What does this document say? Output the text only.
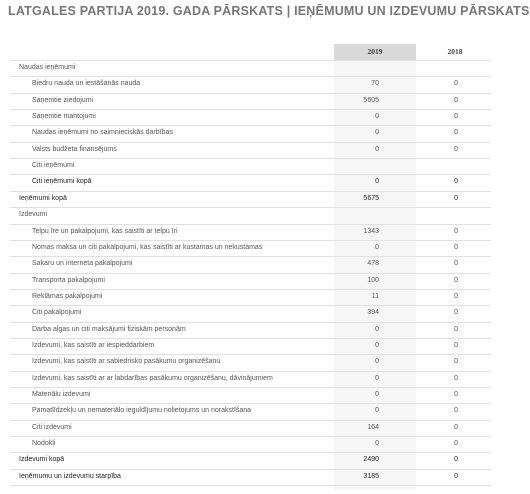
LATGALES PARTIJA 2019. GADA PĀRSKATS | IEŅĒMUMU UN IZDEVUMU PĀRSKATS
2019	2018
Naudas ieņēmumi
Biedru nauda un iestāšanās nauda	70	0
Saņemtie ziedojumi	5605	0
Saņemtie mantojumi	0	0
Naudas ieņēmumi no saimnieciskās darbības	0	0
Valsts budžeta finansējums	0	0
Citi ieņēmumi
Citi ieņēmumi kopā	0	0
Ieņēmumi kopā	5675	0
Izdevumi
Telpu īre un pakalpojumi, kas saistīti ar telpu īri	1343	0
Nomas maksa un citi pakalpojumi, kas saistīti ar kustamas un nekustamas	0	0
Sakaru un interneta pakalpojumi	478	0
Transporta pakalpojumi	100	0
Reklāmas pakalpojumi	11	0
Citi pakalpojumi	394	0
Darba algas un citi maksājumi fiziskām personām	0	0
Izdevumi, kas saistīti ar iespieddarbiem	0	0
Izdevumi, kas saistīti ar sabiedrisko pasākumu organizēšanu	0	0
Izdevumi, kas saistīti ar ar labdarības pasākumu organizēšanu, dāvinājumiem	0	0
Materiālu izdevumi	0	0
Pamatlīdzekļu un nemateriālo ieguldījumu nolietojums un norakstīšana	0	0
Citi izdevumi	164	0
Nodokļi	0	0
Izdevumi kopā	2490	0
Ieņēmumu un izdevumu starpība	3185	0
